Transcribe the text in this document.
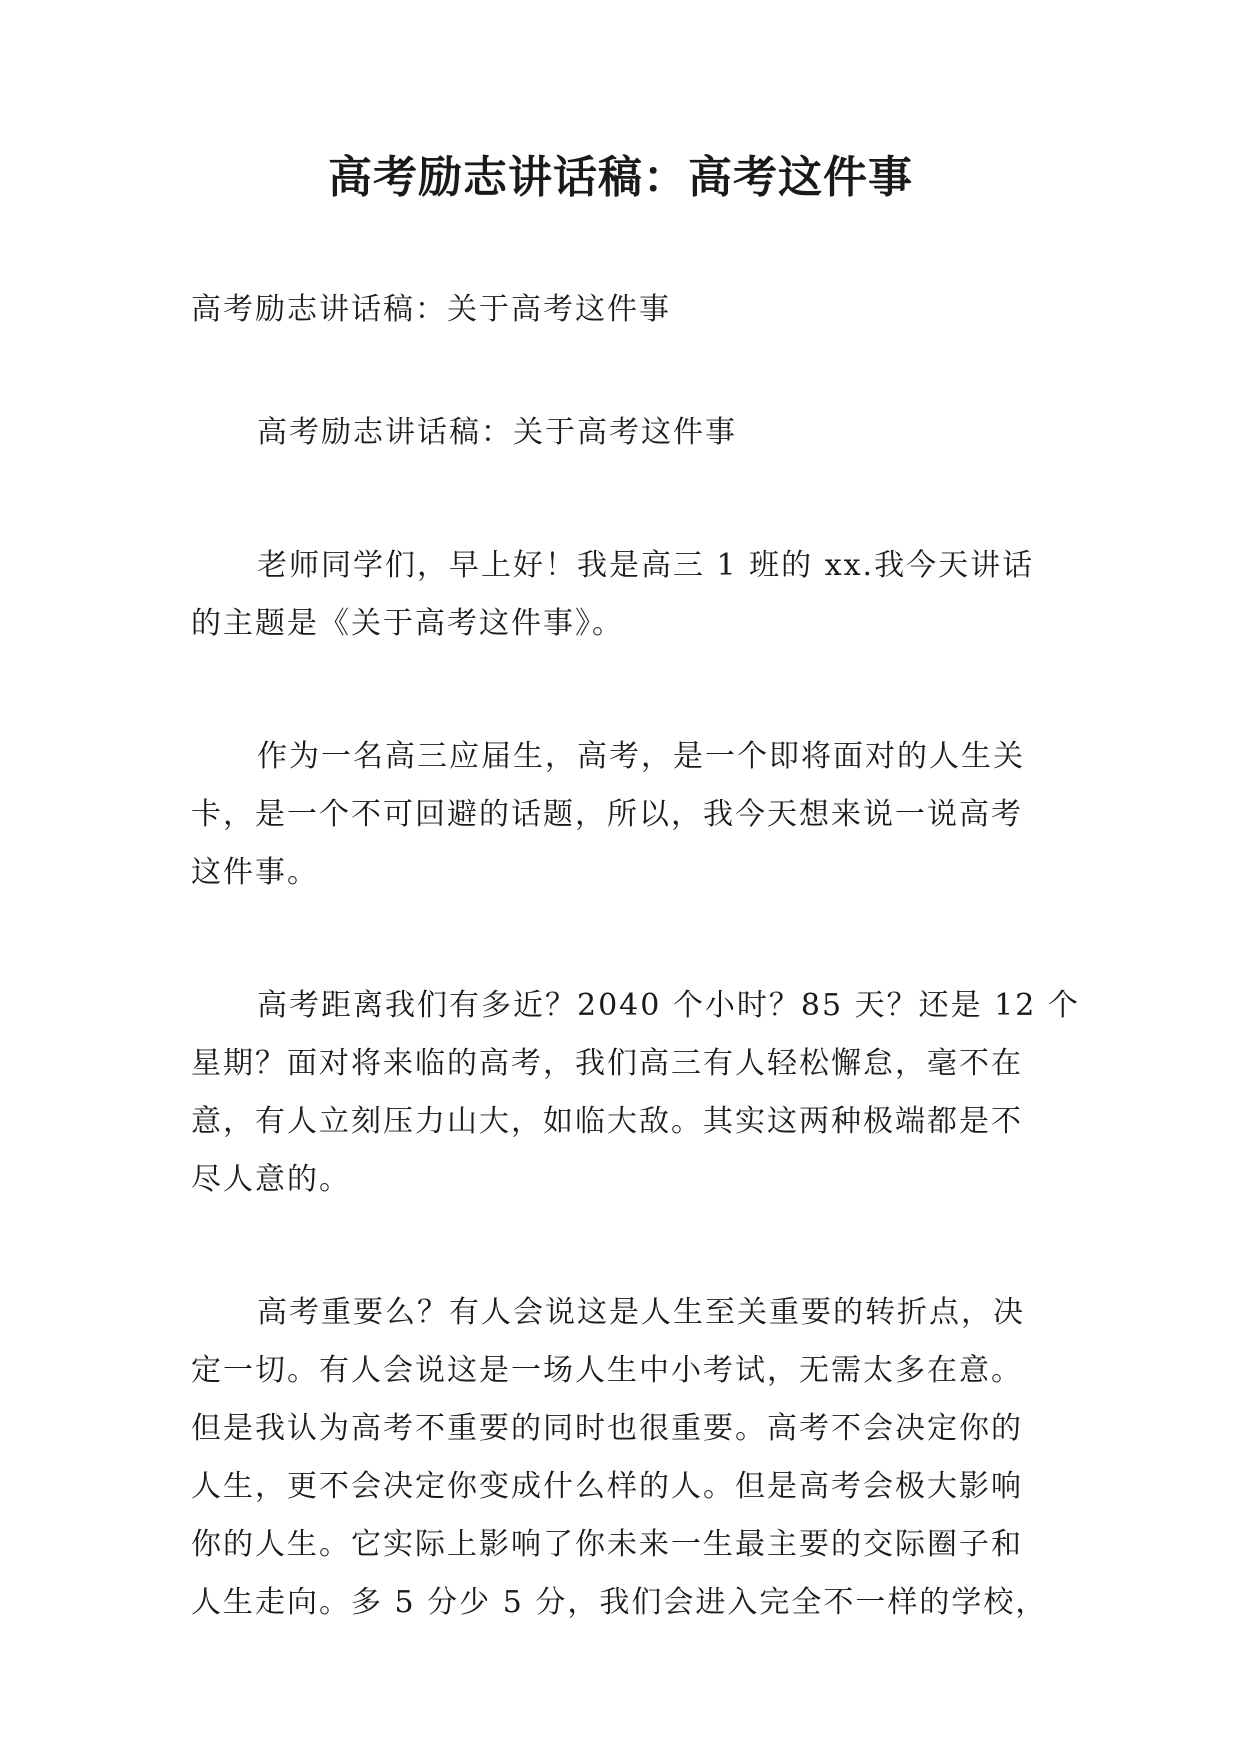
高考励志讲话稿：高考这件事

高考励志讲话稿：关于高考这件事

高考励志讲话稿：关于高考这件事

老师同学们，早上好！我是高三 1 班的 xx.我今天讲话
的主题是《关于高考这件事》。

作为一名高三应届生，高考，是一个即将面对的人生关
卡，是一个不可回避的话题，所以，我今天想来说一说高考
这件事。

高考距离我们有多近？2040 个小时？85 天？还是 12 个
星期？面对将来临的高考，我们高三有人轻松懈怠，毫不在
意，有人立刻压力山大，如临大敌。其实这两种极端都是不
尽人意的。

高考重要么？有人会说这是人生至关重要的转折点，决
定一切。有人会说这是一场人生中小考试，无需太多在意。
但是我认为高考不重要的同时也很重要。高考不会决定你的
人生，更不会决定你变成什么样的人。但是高考会极大影响
你的人生。它实际上影响了你未来一生最主要的交际圈子和
人生走向。多 5 分少 5 分，我们会进入完全不一样的学校，
